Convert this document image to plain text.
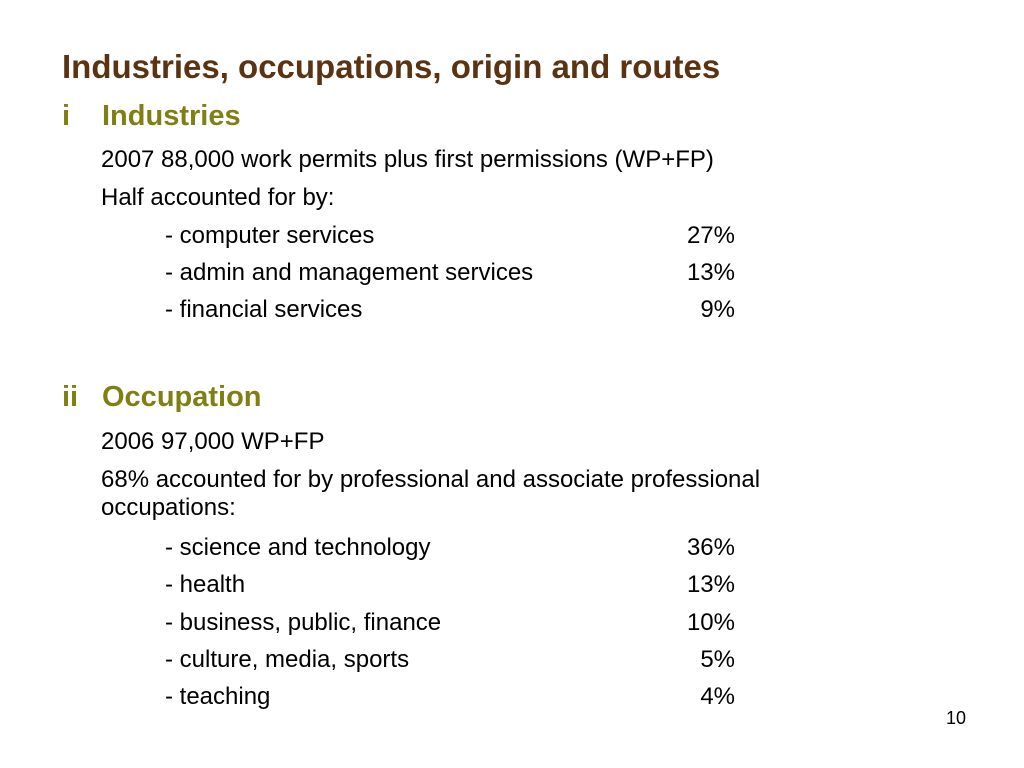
Industries, occupations, origin and routes
i Industries
2007 88,000 work permits plus first permissions (WP+FP)
Half accounted for by:
- computer services	27%
- admin and management services	13%
- financial services	9%
ii Occupation
2006 97,000 WP+FP
68% accounted for by professional and associate professional occupations:
- science and technology	36%
- health	13%
- business, public, finance	10%
- culture, media, sports	5%
- teaching	4%
10
